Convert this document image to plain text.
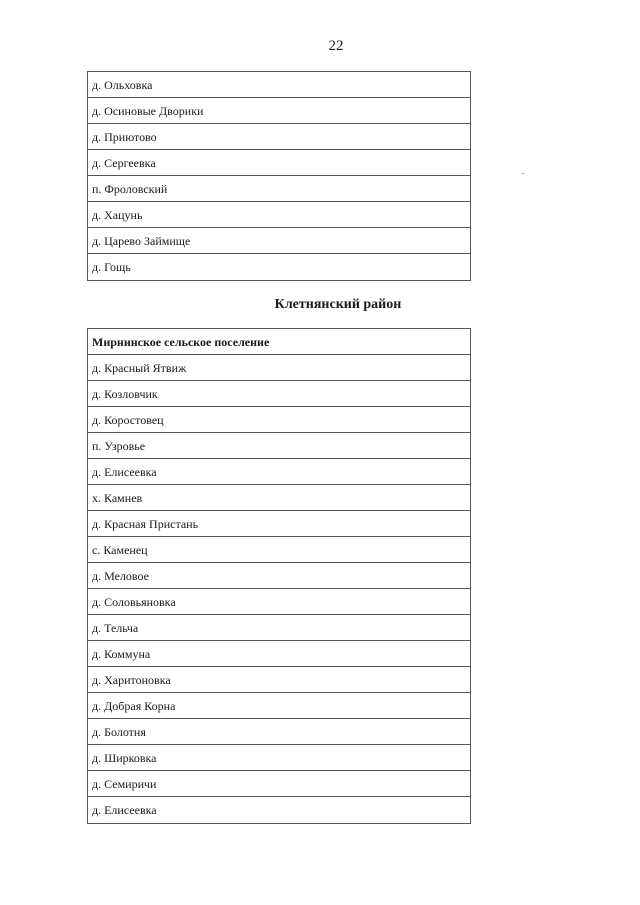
22
д. Ольховка
д. Осиновые Дворики
д. Приютово
д. Сергеевка
п. Фроловский
д. Хацунь
д. Царево Займище
д. Гощь
Клетнянский район
Мирнинское сельское поселение
д. Красный Ятвиж
д. Козловчик
д. Коростовец
п. Узровье
д. Елисеевка
х. Камнев
д. Красная Пристань
с. Каменец
д. Меловое
д. Соловьяновка
д. Тельча
д. Коммуна
д. Харитоновка
д. Добрая Корна
д. Болотня
д. Ширковка
д. Семиричи
д. Елисеевка
